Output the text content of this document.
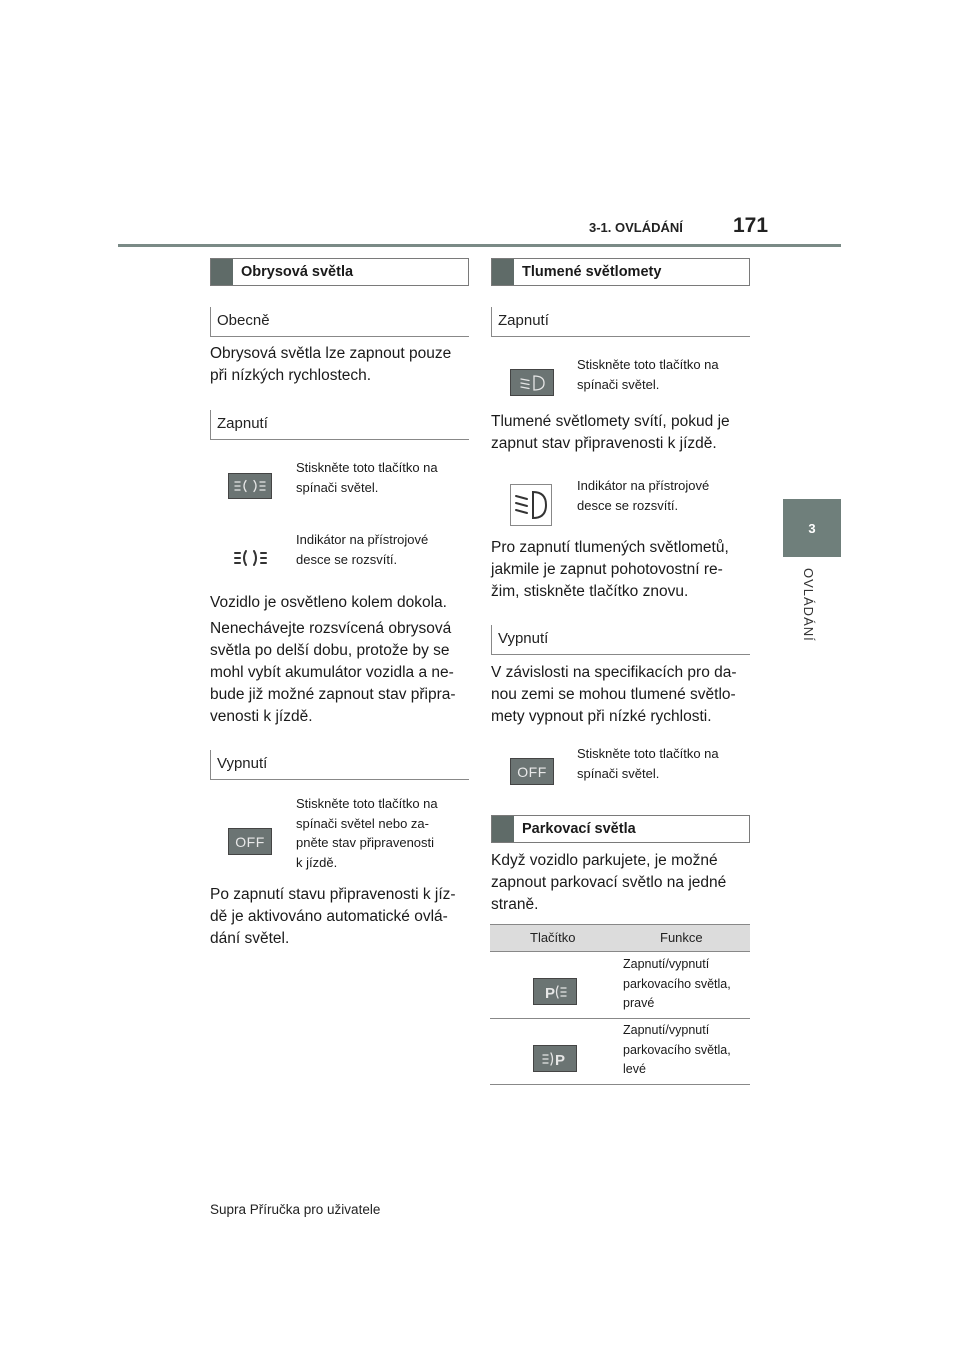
3-1. OVLÁDÁNÍ 171
3
OVLÁDÁNÍ
Obrysová světla
Obecně
Obrysová světla lze zapnout pouze
při nízkých rychlostech.
Zapnutí
Stiskněte toto tlačítko na
spínači světel.
Indikátor na přístrojové
desce se rozsvítí.
Vozidlo je osvětleno kolem dokola.
Nenechávejte rozsvícená obrysová
světla po delší dobu, protože by se
mohl vybít akumulátor vozidla a ne-
bude již možné zapnout stav připra-
venosti k jízdě.
Vypnutí
Stiskněte toto tlačítko na
spínači světel nebo za-
pněte stav připravenosti
k jízdě.
OFF
Po zapnutí stavu připravenosti k jíz-
dě je aktivováno automatické ovlá-
dání světel.
Tlumené světlomety
Zapnutí
Stiskněte toto tlačítko na
spínači světel.
Tlumené světlomety svítí, pokud je
zapnut stav připravenosti k jízdě.
Indikátor na přístrojové
desce se rozsvítí.
Pro zapnutí tlumených světlometů,
jakmile je zapnut pohotovostní re-
žim, stiskněte tlačítko znovu.
Vypnutí
V závislosti na specifikacích pro da-
nou zemi se mohou tlumené světlo-
mety vypnout při nízké rychlosti.
OFF
Stiskněte toto tlačítko na
spínači světel.
Parkovací světla
Když vozidlo parkujete, je možné
zapnout parkovací světlo na jedné
straně.
Tlačítko	Funkce
P
Zapnutí/vypnutí
parkovacího světla,
pravé
P
Zapnutí/vypnutí
parkovacího světla,
levé
Supra Příručka pro uživatele
